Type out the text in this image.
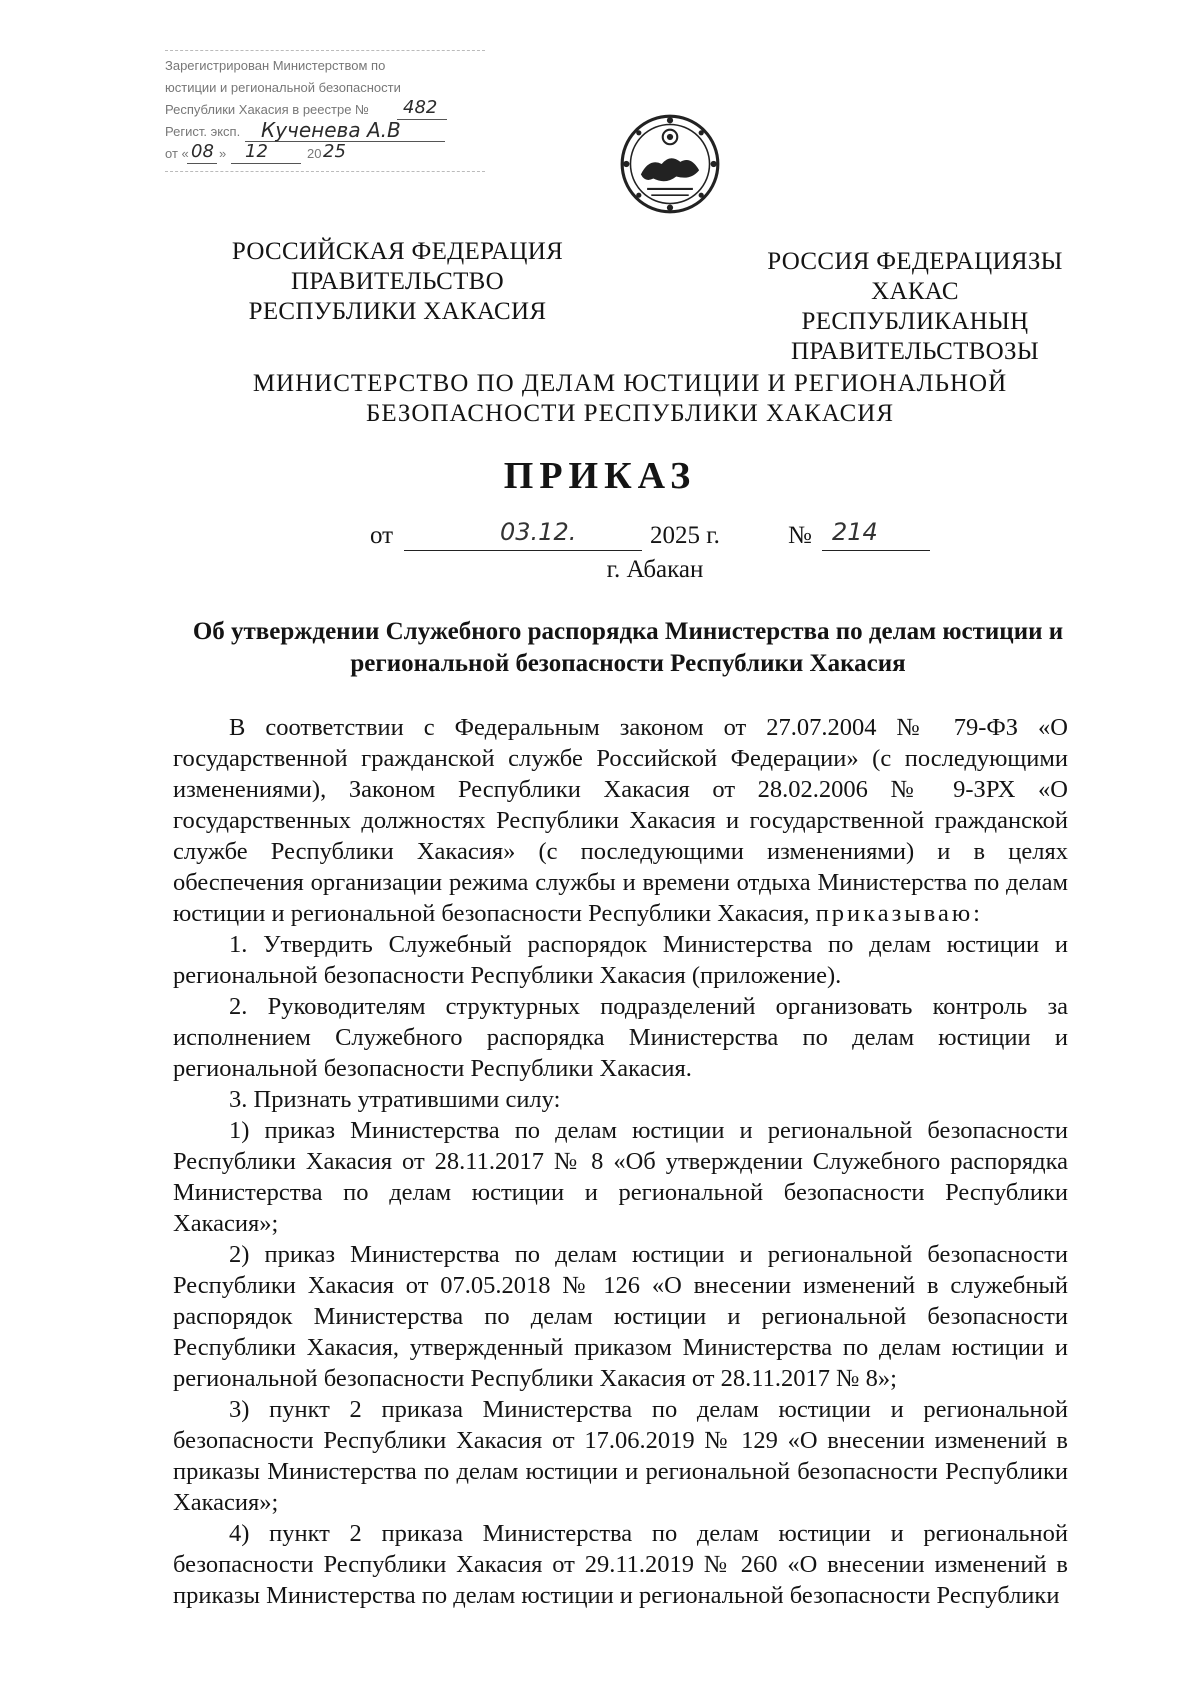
Зарегистрирован Министерством по
юстиции и региональной безопасности
Республики Хакасия в реестре № 482
Регист. эксп. Кученева А.В
от « 08 » 12	20 25
РОССИЙСКАЯ ФЕДЕРАЦИЯ
ПРАВИТЕЛЬСТВО
РЕСПУБЛИКИ ХАКАСИЯ
РОССИЯ ФЕДЕРАЦИЯЗЫ
ХАКАС РЕСПУБЛИКАНЫҢ
ПРАВИТЕЛЬСТВОЗЫ
МИНИСТЕРСТВО ПО ДЕЛАМ ЮСТИЦИИ И РЕГИОНАЛЬНОЙ
БЕЗОПАСНОСТИ РЕСПУБЛИКИ ХАКАСИЯ
ПРИКАЗ
от	03.12.	2025 г.	№ 214
г. Абакан
Об утверждении Служебного распорядка Министерства по делам юстиции и
региональной безопасности Республики Хакасия

В соответствии с Федеральным законом от 27.07.2004 № 79-ФЗ «О государственной гражданской службе Российской Федерации» (с последующими изменениями), Законом Республики Хакасия от 28.02.2006 № 9-ЗРХ «О государственных должностях Республики Хакасия и государственной гражданской службе Республики Хакасия» (с последующими изменениями) и в целях обеспечения организации режима службы и времени отдыха Министерства по делам юстиции и региональной безопасности Республики Хакасия, приказываю:

1. Утвердить Служебный распорядок Министерства по делам юстиции и региональной безопасности Республики Хакасия (приложение).

2. Руководителям структурных подразделений организовать контроль за исполнением Служебного распорядка Министерства по делам юстиции и региональной безопасности Республики Хакасия.

3. Признать утратившими силу:

1) приказ Министерства по делам юстиции и региональной безопасности Республики Хакасия от 28.11.2017 № 8 «Об утверждении Служебного распорядка Министерства по делам юстиции и региональной безопасности Республики Хакасия»;

2) приказ Министерства по делам юстиции и региональной безопасности Республики Хакасия от 07.05.2018 № 126 «О внесении изменений в служебный распорядок Министерства по делам юстиции и региональной безопасности Республики Хакасия, утвержденный приказом Министерства по делам юстиции и региональной безопасности Республики Хакасия от 28.11.2017 № 8»;

3) пункт 2 приказа Министерства по делам юстиции и региональной безопасности Республики Хакасия от 17.06.2019 № 129 «О внесении изменений в приказы Министерства по делам юстиции и региональной безопасности Республики Хакасия»;

4) пункт 2 приказа Министерства по делам юстиции и региональной безопасности Республики Хакасия от 29.11.2019 № 260 «О внесении изменений в приказы Министерства по делам юстиции и региональной безопасности Республики
